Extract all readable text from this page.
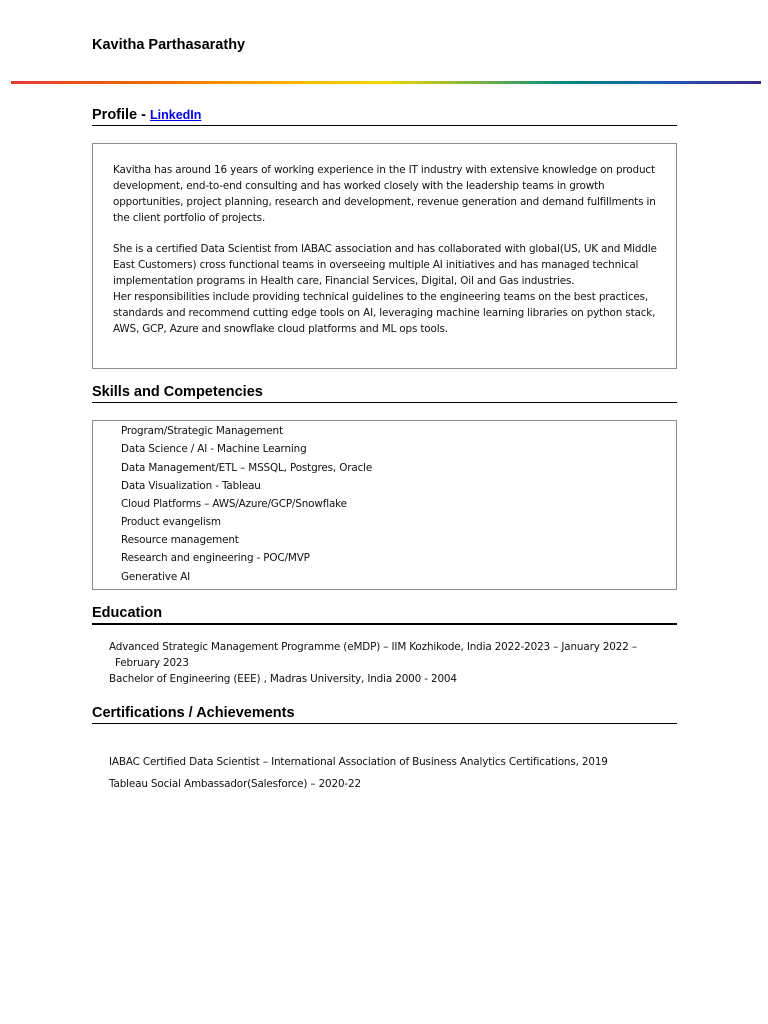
Kavitha Parthasarathy
Profile - LinkedIn

Kavitha has around 16 years of working experience in the IT industry with extensive knowledge on product development, end-to-end consulting and has worked closely with the leadership teams in growth opportunities, project planning, research and development, revenue generation and demand fulfillments in the client portfolio of projects.

She is a certified Data Scientist from IABAC association and has collaborated with global(US, UK and Middle East Customers) cross functional teams in overseeing multiple AI initiatives and has managed technical implementation programs in Health care, Financial Services, Digital, Oil and Gas industries.

Her responsibilities include providing technical guidelines to the engineering teams on the best practices, standards and recommend cutting edge tools on AI, leveraging machine learning libraries on python stack, AWS, GCP, Azure and snowflake cloud platforms and ML ops tools.

Skills and Competencies
Program/Strategic Management
Data Science / AI - Machine Learning
Data Management/ETL – MSSQL, Postgres, Oracle
Data Visualization - Tableau
Cloud Platforms – AWS/Azure/GCP/Snowflake
Product evangelism
Resource management
Research and engineering - POC/MVP
Generative AI
Education
Advanced Strategic Management Programme (eMDP) – IIM Kozhikode, India 2022-2023 – January 2022 –
February 2023
Bachelor of Engineering (EEE) , Madras University, India 2000 - 2004
Certifications / Achievements
IABAC Certified Data Scientist – International Association of Business Analytics Certifications, 2019
Tableau Social Ambassador(Salesforce) – 2020-22
